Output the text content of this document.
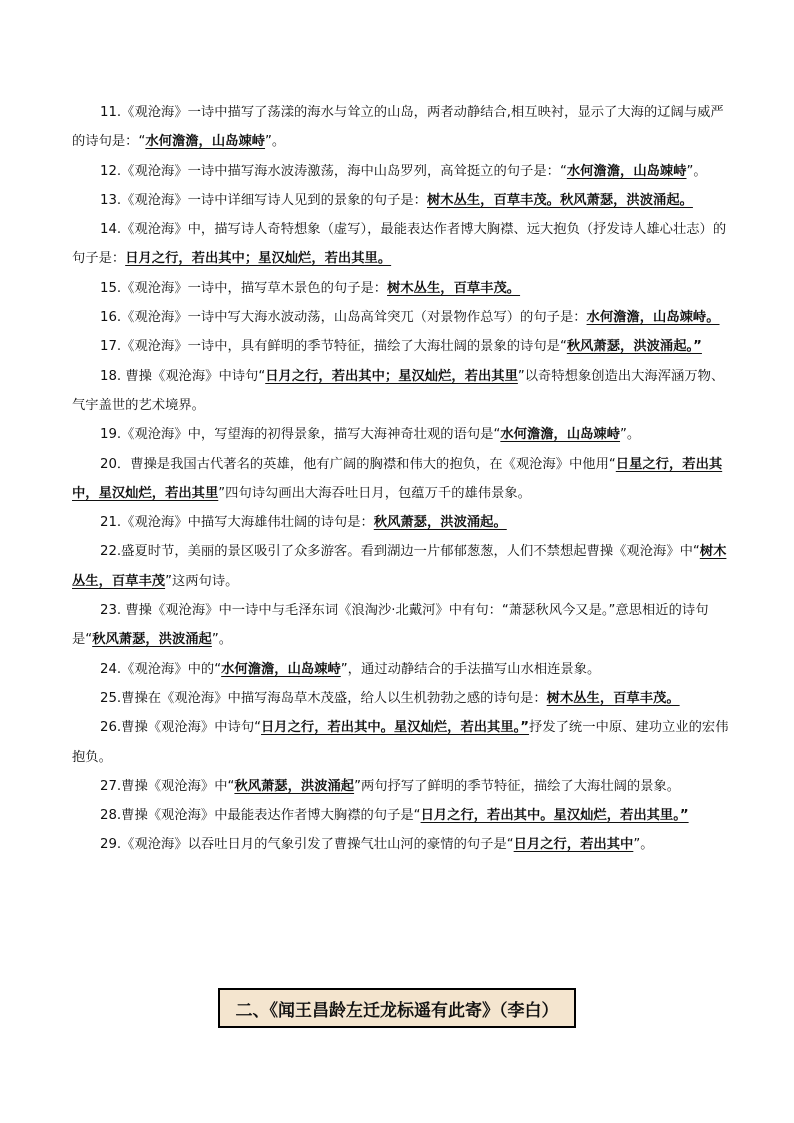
11.《观沧海》一诗中描写了荡漾的海水与耸立的山岛，两者动静结合,相互映衬，显示了大海的辽阔与威严的诗句是：“水何澹澹，山岛竦峙”。

12.《观沧海》一诗中描写海水波涛激荡，海中山岛罗列，高耸挺立的句子是：“水何澹澹，山岛竦峙”。

13.《观沧海》一诗中详细写诗人见到的景象的句子是：树木丛生，百草丰茂。秋风萧瑟，洪波涌起。

14.《观沧海》中，描写诗人奇特想象（虚写），最能表达作者博大胸襟、远大抱负（抒发诗人雄心壮志）的句子是：日月之行，若出其中；星汉灿烂，若出其里。

15.《观沧海》一诗中，描写草木景色的句子是：树木丛生，百草丰茂。

16.《观沧海》一诗中写大海水波动荡，山岛高耸突兀（对景物作总写）的句子是：水何澹澹，山岛竦峙。

17.《观沧海》一诗中，具有鲜明的季节特征，描绘了大海壮阔的景象的诗句是“秋风萧瑟，洪波涌起。”

18. 曹操《观沧海》中诗句“日月之行，若出其中；星汉灿烂，若出其里”以奇特想象创造出大海浑涵万物、气宇盖世的艺术境界。

19.《观沧海》中，写望海的初得景象，描写大海神奇壮观的语句是“水何澹澹，山岛竦峙”。

20．曹操是我国古代著名的英雄，他有广阔的胸襟和伟大的抱负，在《观沧海》中他用“日星之行，若出其中，星汉灿烂，若出其里”四句诗勾画出大海吞吐日月，包蕴万千的雄伟景象。

21.《观沧海》中描写大海雄伟壮阔的诗句是：秋风萧瑟，洪波涌起。

22.盛夏时节，美丽的景区吸引了众多游客。看到湖边一片郁郁葱葱，人们不禁想起曹操《观沧海》中“树木丛生，百草丰茂”这两句诗。

23. 曹操《观沧海》中一诗中与毛泽东词《浪淘沙·北戴河》中有句：“萧瑟秋风今又是。”意思相近的诗句是“秋风萧瑟，洪波涌起”。

24.《观沧海》中的“水何澹澹，山岛竦峙”，通过动静结合的手法描写山水相连景象。

25.曹操在《观沧海》中描写海岛草木茂盛，给人以生机勃勃之感的诗句是：树木丛生，百草丰茂。

26.曹操《观沧海》中诗句“日月之行，若出其中。星汉灿烂，若出其里。”抒发了统一中原、建功立业的宏伟抱负。

27.曹操《观沧海》中“秋风萧瑟，洪波涌起”两句抒写了鲜明的季节特征，描绘了大海壮阔的景象。

28.曹操《观沧海》中最能表达作者博大胸襟的句子是“日月之行，若出其中。星汉灿烂，若出其里。”

29.《观沧海》以吞吐日月的气象引发了曹操气壮山河的豪情的句子是“日月之行，若出其中”。

二、《闻王昌龄左迁龙标遥有此寄》（李白）
